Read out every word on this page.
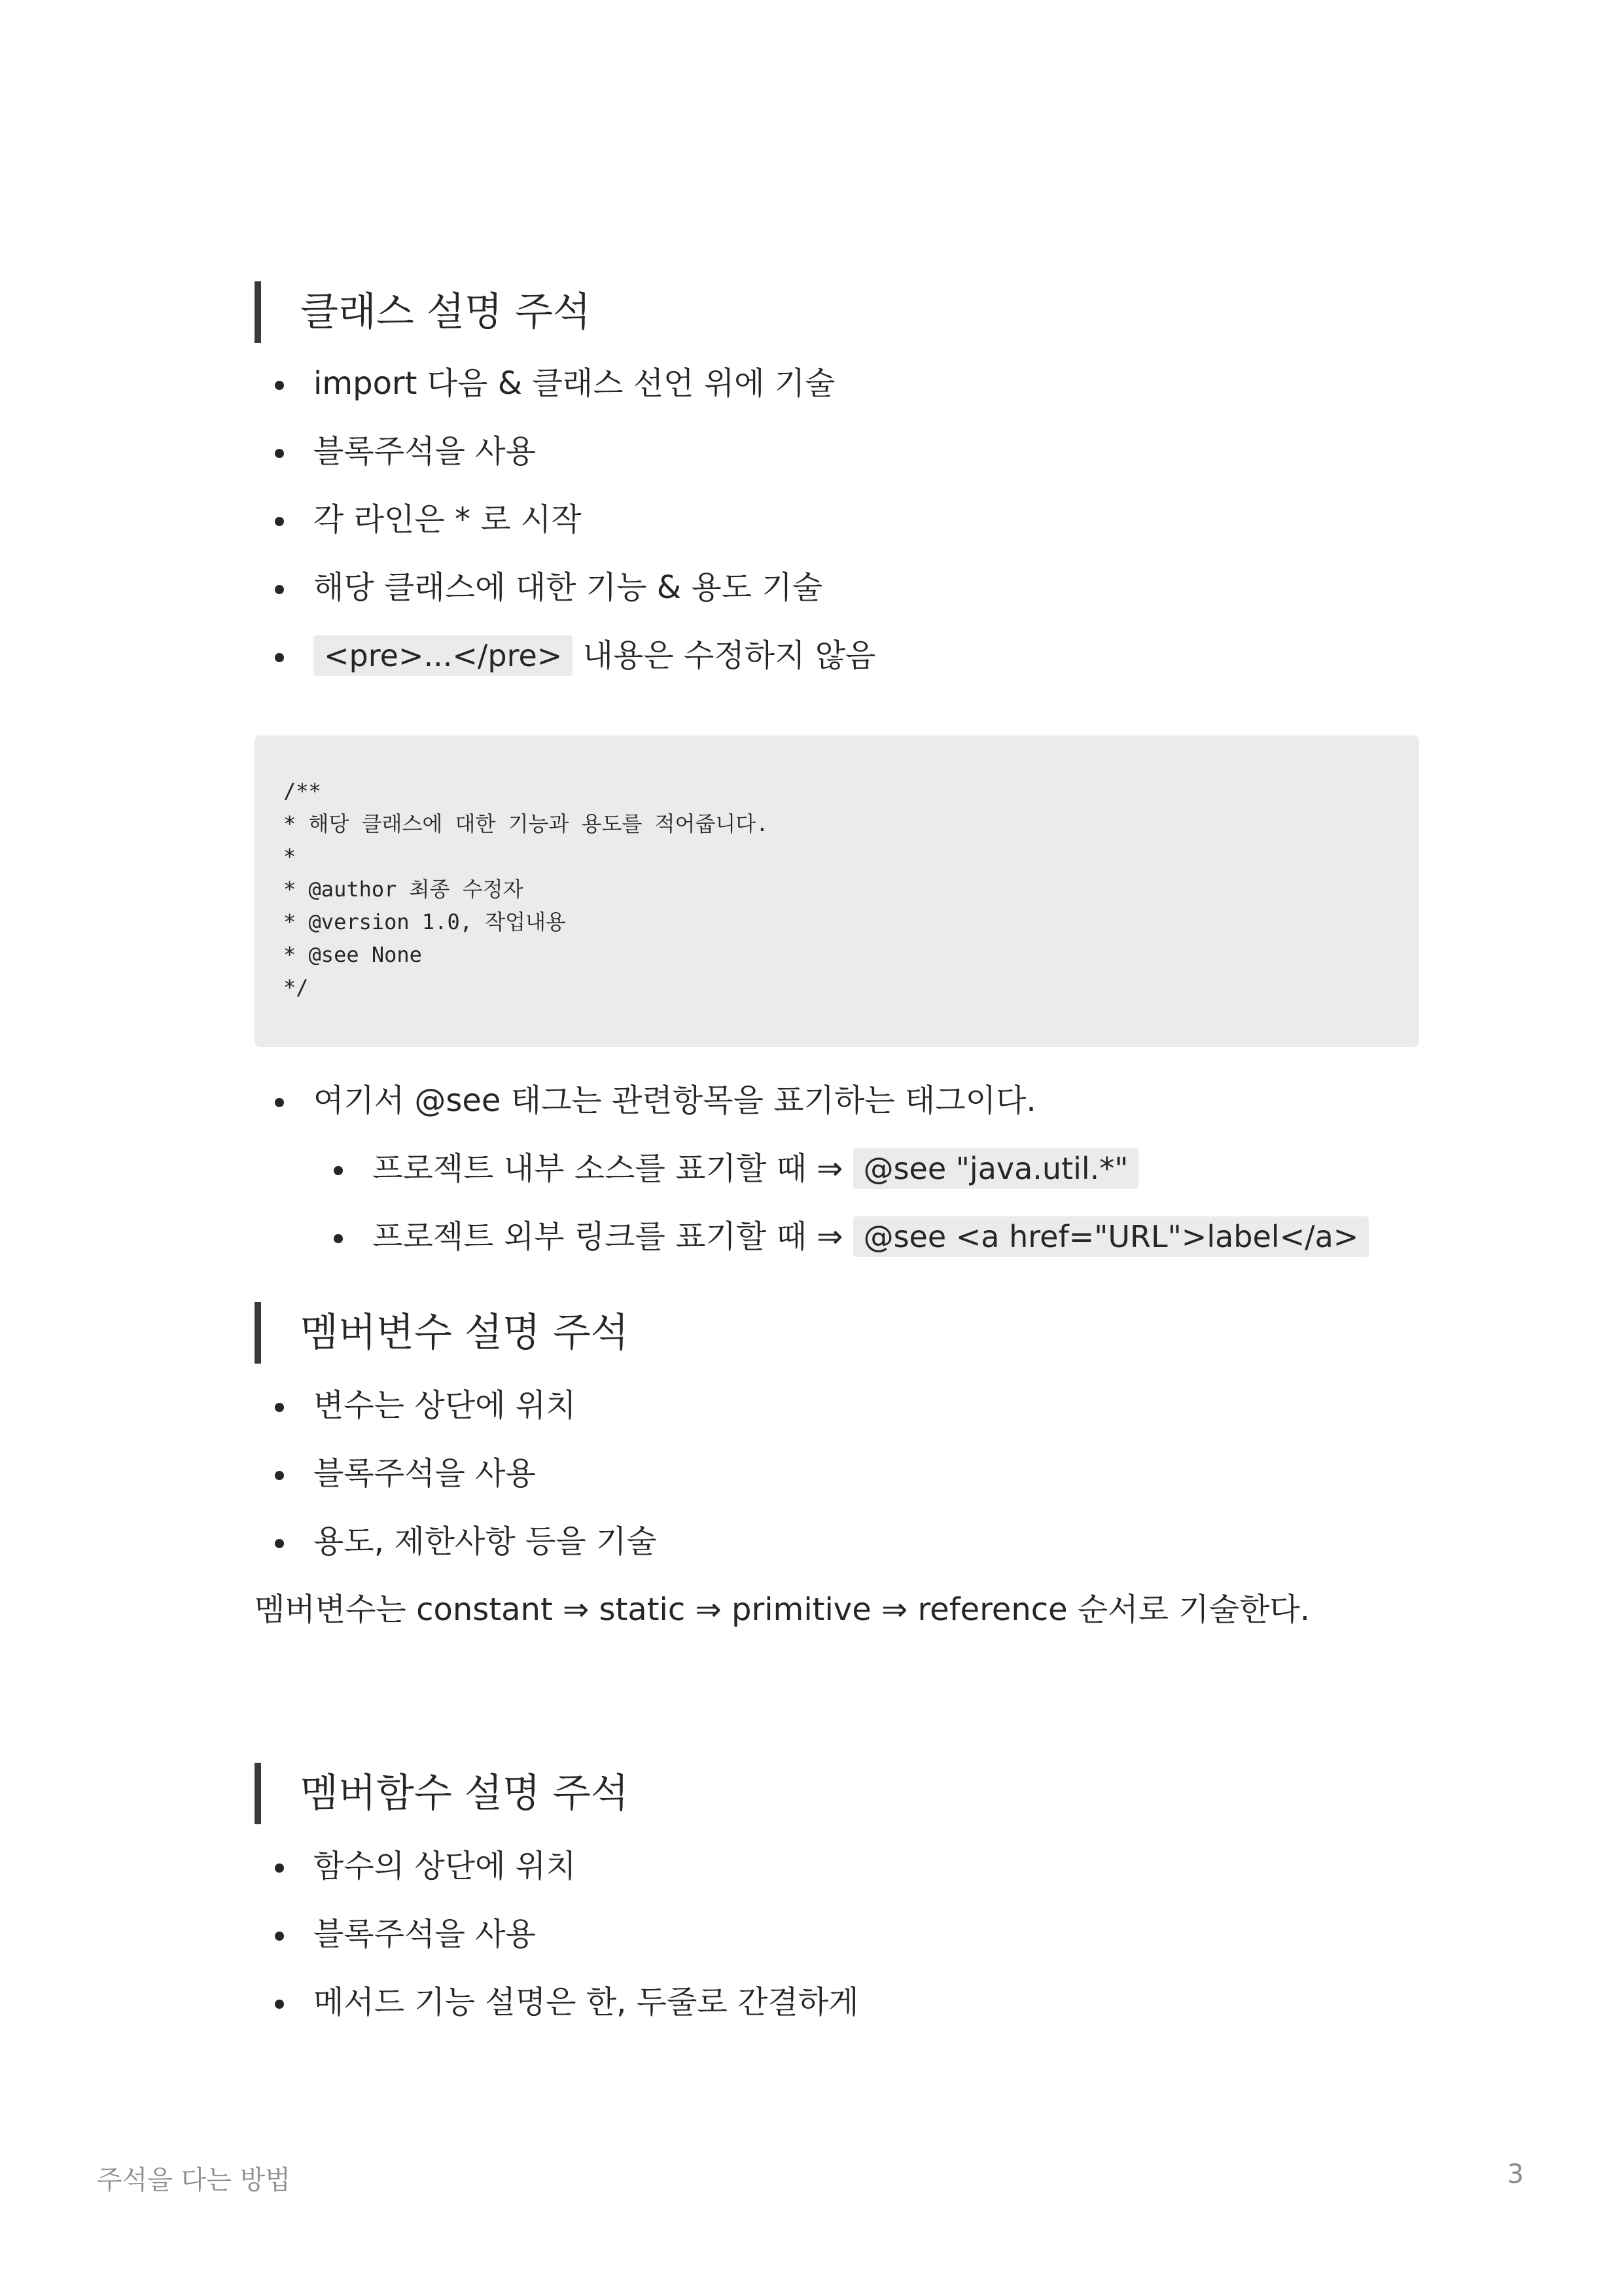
클래스 설명 주석
import 다음 & 클래스 선언 위에 기술
블록주석을 사용
각 라인은 * 로 시작
해당 클래스에 대한 기능 & 용도 기술
<pre>...</pre> 내용은 수정하지 않음
/**
* 해당 클래스에 대한 기능과 용도를 적어줍니다.
*
* @author 최종 수정자
* @version 1.0, 작업내용
* @see None
*/
여기서 @see 태그는 관련항목을 표기하는 태그이다.
프로젝트 내부 소스를 표기할 때 ⇒ @see "java.util.*"
프로젝트 외부 링크를 표기할 때 ⇒ @see <a href="URL">label</a>
멤버변수 설명 주석
변수는 상단에 위치
블록주석을 사용
용도, 제한사항 등을 기술
멤버변수는 constant ⇒ static ⇒ primitive ⇒ reference 순서로 기술한다.
멤버함수 설명 주석
함수의 상단에 위치
블록주석을 사용
메서드 기능 설명은 한, 두줄로 간결하게
주석을 다는 방법	3
